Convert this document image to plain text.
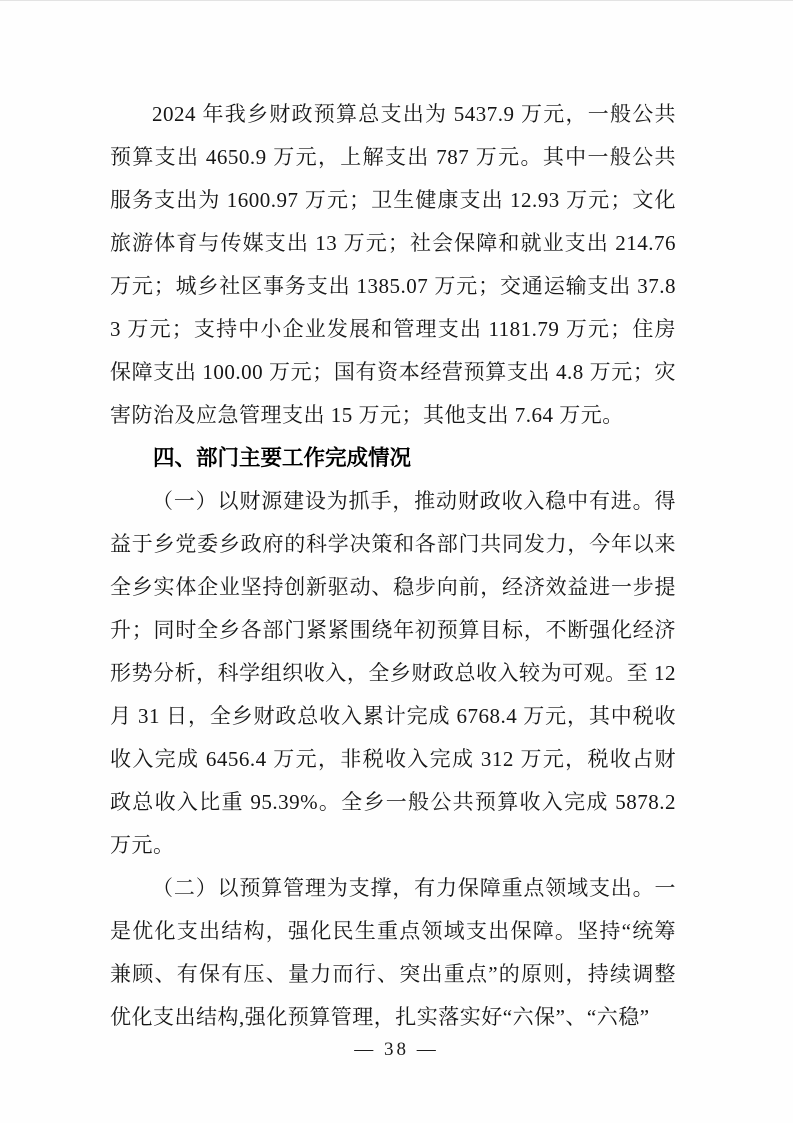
2024 年我乡财政预算总支出为 5437.9 万元，一般公共预算支出 4650.9 万元，上解支出 787 万元。其中一般公共服务支出为 1600.97 万元；卫生健康支出 12.93 万元；文化旅游体育与传媒支出 13 万元；社会保障和就业支出 214.76 万元；城乡社区事务支出 1385.07 万元；交通运输支出 37.83 万元；支持中小企业发展和管理支出 1181.79 万元；住房保障支出 100.00 万元；国有资本经营预算支出 4.8 万元；灾害防治及应急管理支出 15 万元；其他支出 7.64 万元。

四、部门主要工作完成情况

（一）以财源建设为抓手，推动财政收入稳中有进。得益于乡党委乡政府的科学决策和各部门共同发力，今年以来全乡实体企业坚持创新驱动、稳步向前，经济效益进一步提升；同时全乡各部门紧紧围绕年初预算目标，不断强化经济形势分析，科学组织收入，全乡财政总收入较为可观。至 12 月 31 日，全乡财政总收入累计完成 6768.4 万元，其中税收收入完成 6456.4 万元，非税收入完成 312 万元，税收占财政总收入比重 95.39%。全乡一般公共预算收入完成 5878.2 万元。

（二）以预算管理为支撑，有力保障重点领域支出。一是优化支出结构，强化民生重点领域支出保障。坚持“统筹兼顾、有保有压、量力而行、突出重点”的原则，持续调整优化支出结构,强化预算管理，扎实落实好“六保”、“六稳”

— 38 —
